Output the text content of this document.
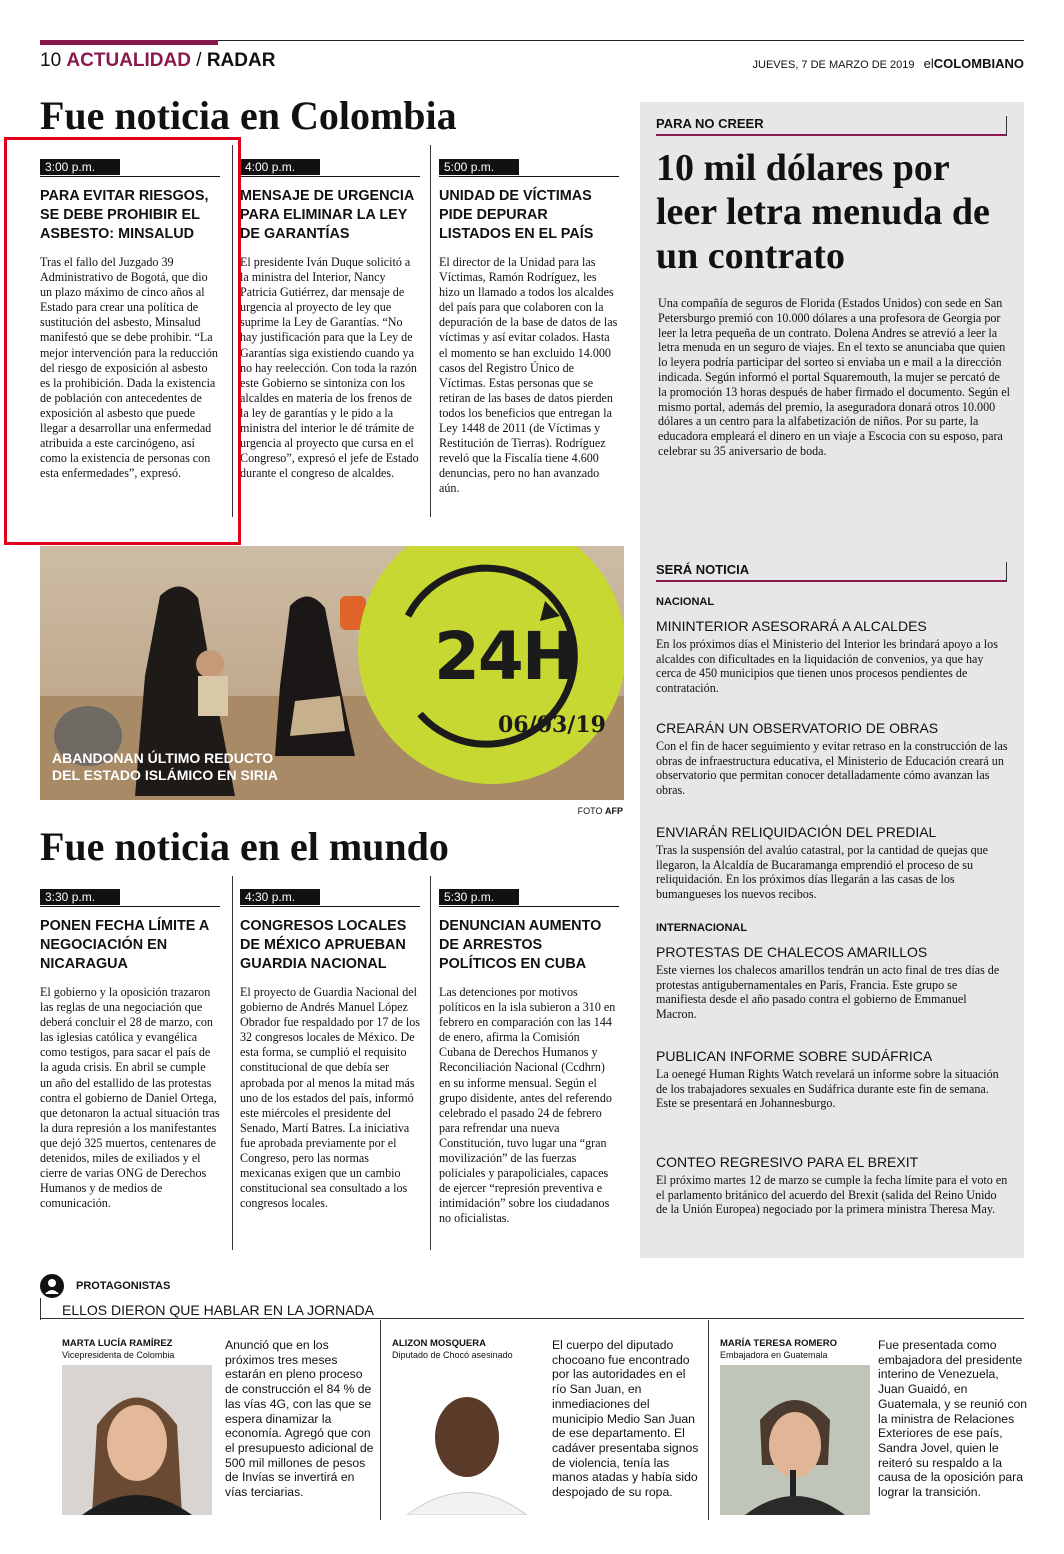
10 ACTUALIDAD / RADAR	JUEVES, 7 DE MARZO DE 2019 elCOLOMBIANO
Fue noticia en Colombia
3:00 p.m.

PARA EVITAR RIESGOS, SE DEBE PROHIBIR EL ASBESTO: MINSALUD

Tras el fallo del Juzgado 39 Administrativo de Bogotá, que dio un plazo máximo de cinco años al Estado para crear una política de sustitución del asbesto, Minsalud manifestó que se debe prohibir. “La mejor intervención para la reducción del riesgo de exposición al asbesto es la prohibición. Dada la existencia de población con antecedentes de exposición al asbesto que puede llegar a desarrollar una enfermedad atribuida a este carcinógeno, así como la existencia de personas con esta enfermedades”, expresó.

4:00 p.m.

MENSAJE DE URGENCIA PARA ELIMINAR LA LEY DE GARANTÍAS

El presidente Iván Duque solicitó a la ministra del Interior, Nancy Patricia Gutiérrez, dar mensaje de urgencia al proyecto de ley que suprime la Ley de Garantías. “No hay justificación para que la Ley de Garantías siga existiendo cuando ya no hay reelección. Con toda la razón este Gobierno se sintoniza con los alcaldes en materia de los frenos de la ley de garantías y le pido a la ministra del interior le dé trámite de urgencia al proyecto que cursa en el Congreso”, expresó el jefe de Estado durante el congreso de alcaldes.

5:00 p.m.

UNIDAD DE VÍCTIMAS PIDE DEPURAR LISTADOS EN EL PAÍS

El director de la Unidad para las Víctimas, Ramón Rodríguez, les hizo un llamado a todos los alcaldes del país para que colaboren con la depuración de la base de datos de las víctimas y así evitar colados. Hasta el momento se han excluido 14.000 casos del Registro Único de Víctimas. Estas personas que se retiran de las bases de datos pierden todos los beneficios que entregan la Ley 1448 de 2011 (de Víctimas y Restitución de Tierras). Rodríguez reveló que la Fiscalía tiene 4.600 denuncias, pero no han avanzado aún.

PARA NO CREER
10 mil dólares por leer letra menuda de un contrato

Una compañía de seguros de Florida (Estados Unidos) con sede en San Petersburgo premió con 10.000 dólares a una profesora de Georgia por leer la letra pequeña de un contrato. Dolena Andres se atrevió a leer la letra menuda en un seguro de viajes. En el texto se anunciaba que quien lo leyera podría participar del sorteo si enviaba un e mail a la dirección indicada. Según informó el portal Squaremouth, la mujer se percató de la promoción 13 horas después de haber firmado el documento. Según el mismo portal, además del premio, la aseguradora donará otros 10.000 dólares a un centro para la alfabetización de niños. Por su parte, la educadora empleará el dinero en un viaje a Escocia con su esposo, para celebrar su 35 aniversario de boda.

SERÁ NOTICIA
NACIONAL

MININTERIOR ASESORARÁ A ALCALDES

En los próximos días el Ministerio del Interior les brindará apoyo a los alcaldes con dificultades en la liquidación de convenios, ya que hay cerca de 450 municipios que tienen unos procesos pendientes de contratación.

CREARÁN UN OBSERVATORIO DE OBRAS

Con el fin de hacer seguimiento y evitar retraso en la construcción de las obras de infraestructura educativa, el Ministerio de Educación creará un observatorio que permitan conocer detalladamente cómo avanzan las obras.

ENVIARÁN RELIQUIDACIÓN DEL PREDIAL

Tras la suspensión del avalúo catastral, por la cantidad de quejas que llegaron, la Alcaldía de Bucaramanga emprendió el proceso de su reliquidación. En los próximos días llegarán a las casas de los bumangueses los nuevos recibos.

INTERNACIONAL

PROTESTAS DE CHALECOS AMARILLOS

Este viernes los chalecos amarillos tendrán un acto final de tres días de protestas antigubernamentales en París, Francia. Este grupo se manifiesta desde el año pasado contra el gobierno de Emmanuel Macron.

PUBLICAN INFORME SOBRE SUDÁFRICA

La oenegé Human Rights Watch revelará un informe sobre la situación de los trabajadores sexuales en Sudáfrica durante este fin de semana. Este se presentará en Johannesburgo.

CONTEO REGRESIVO PARA EL BREXIT

El próximo martes 12 de marzo se cumple la fecha límite para el voto en el parlamento británico del acuerdo del Brexit (salida del Reino Unido de la Unión Europea) negociado por la primera ministra Theresa May.

24H
06/03/19
ABANDONAN ÚLTIMO REDUCTO
DEL ESTADO ISLÁMICO EN SIRIA
FOTO AFP
Fue noticia en el mundo
3:30 p.m.

PONEN FECHA LÍMITE A NEGOCIACIÓN EN NICARAGUA

El gobierno y la oposición trazaron las reglas de una negociación que deberá concluir el 28 de marzo, con las iglesias católica y evangélica como testigos, para sacar el país de la aguda crisis. En abril se cumple un año del estallido de las protestas contra el gobierno de Daniel Ortega, que detonaron la actual situación tras la dura represión a los manifestantes que dejó 325 muertos, centenares de detenidos, miles de exiliados y el cierre de varias ONG de Derechos Humanos y de medios de comunicación.

4:30 p.m.

CONGRESOS LOCALES DE MÉXICO APRUEBAN GUARDIA NACIONAL

El proyecto de Guardia Nacional del gobierno de Andrés Manuel López Obrador fue respaldado por 17 de los 32 congresos locales de México. De esta forma, se cumplió el requisito constitucional de que debía ser aprobada por al menos la mitad más uno de los estados del país, informó este miércoles el presidente del Senado, Martí Batres. La iniciativa fue aprobada previamente por el Congreso, pero las normas mexicanas exigen que un cambio constitucional sea consultado a los congresos locales.

5:30 p.m.

DENUNCIAN AUMENTO DE ARRESTOS POLÍTICOS EN CUBA

Las detenciones por motivos políticos en la isla subieron a 310 en febrero en comparación con las 144 de enero, afirma la Comisión Cubana de Derechos Humanos y Reconciliación Nacional (Ccdhrn) en su informe mensual. Según el grupo disidente, antes del referendo celebrado el pasado 24 de febrero para refrendar una nueva Constitución, tuvo lugar una “gran movilización” de las fuerzas policiales y parapoliciales, capaces de ejercer “represión preventiva e intimidación” sobre los ciudadanos no oficialistas.

PROTAGONISTAS
ELLOS DIERON QUE HABLAR EN LA JORNADA
MARTA LUCÍA RAMÍREZ
Vicepresidenta de Colombia

Anunció que en los próximos tres meses estarán en pleno proceso de construcción el 84 % de las vías 4G, con las que se espera dinamizar la economía. Agregó que con el presupuesto adicional de 500 mil millones de pesos de Invías se invertirá en vías terciarias.

ALIZON MOSQUERA
Diputado de Chocó asesinado

El cuerpo del diputado chocoano fue encontrado por las autoridades en el río San Juan, en inmediaciones del municipio Medio San Juan de ese departamento. El cadáver presentaba signos de violencia, tenía las manos atadas y había sido despojado de su ropa.

MARÍA TERESA ROMERO
Embajadora en Guatemala

Fue presentada como embajadora del presidente interino de Venezuela, Juan Guaidó, en Guatemala, y se reunió con la ministra de Relaciones Exteriores de ese país, Sandra Jovel, quien le reiteró su respaldo a la causa de la oposición para lograr la transición.
